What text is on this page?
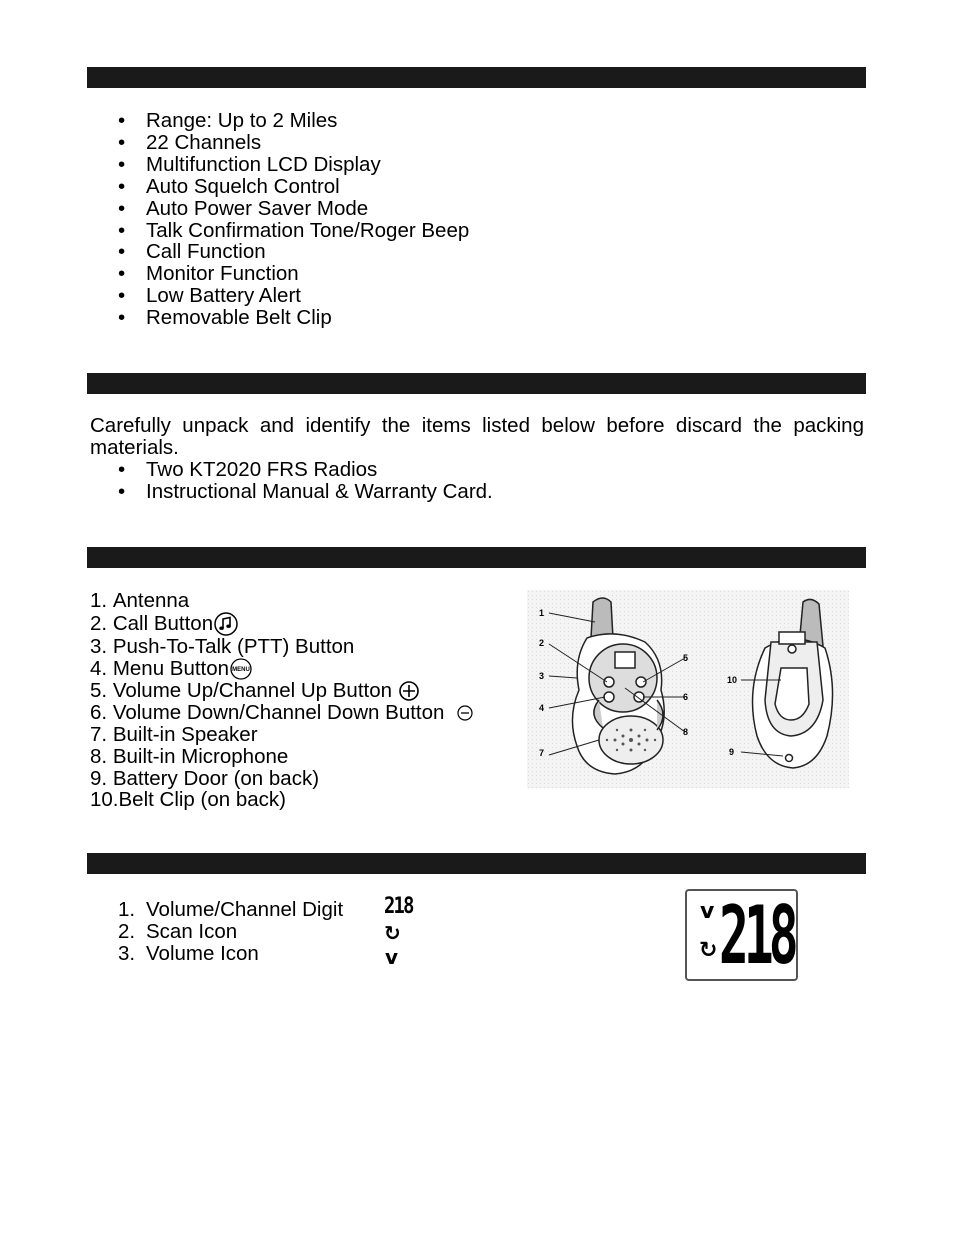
• Range: Up to 2 Miles
• 22 Channels
• Multifunction LCD Display
• Auto Squelch Control
• Auto Power Saver Mode
• Talk Confirmation Tone/Roger Beep
• Call Function
• Monitor Function
• Low Battery Alert
• Removable Belt Clip
Carefully unpack and identify the items listed below before discard the packing materials.
• Two KT2020 FRS Radios
• Instructional Manual & Warranty Card.
1.
Antenna
2.
Call Button
3.
Push-To-Talk (PTT) Button
4.
Menu Button MENU
5.
Volume Up/Channel Up Button

6.
Volume Down/Channel Down Button

7.
Built-in Speaker
8.
Built-in Microphone
9.
Battery Door (on back)
10. Belt Clip (on back)
1
2
3
4
7
5
6
8
10
9
1. Volume/Channel Digit
2. Scan Icon
3. Volume Icon
218
↻
v
v
↻ 218
